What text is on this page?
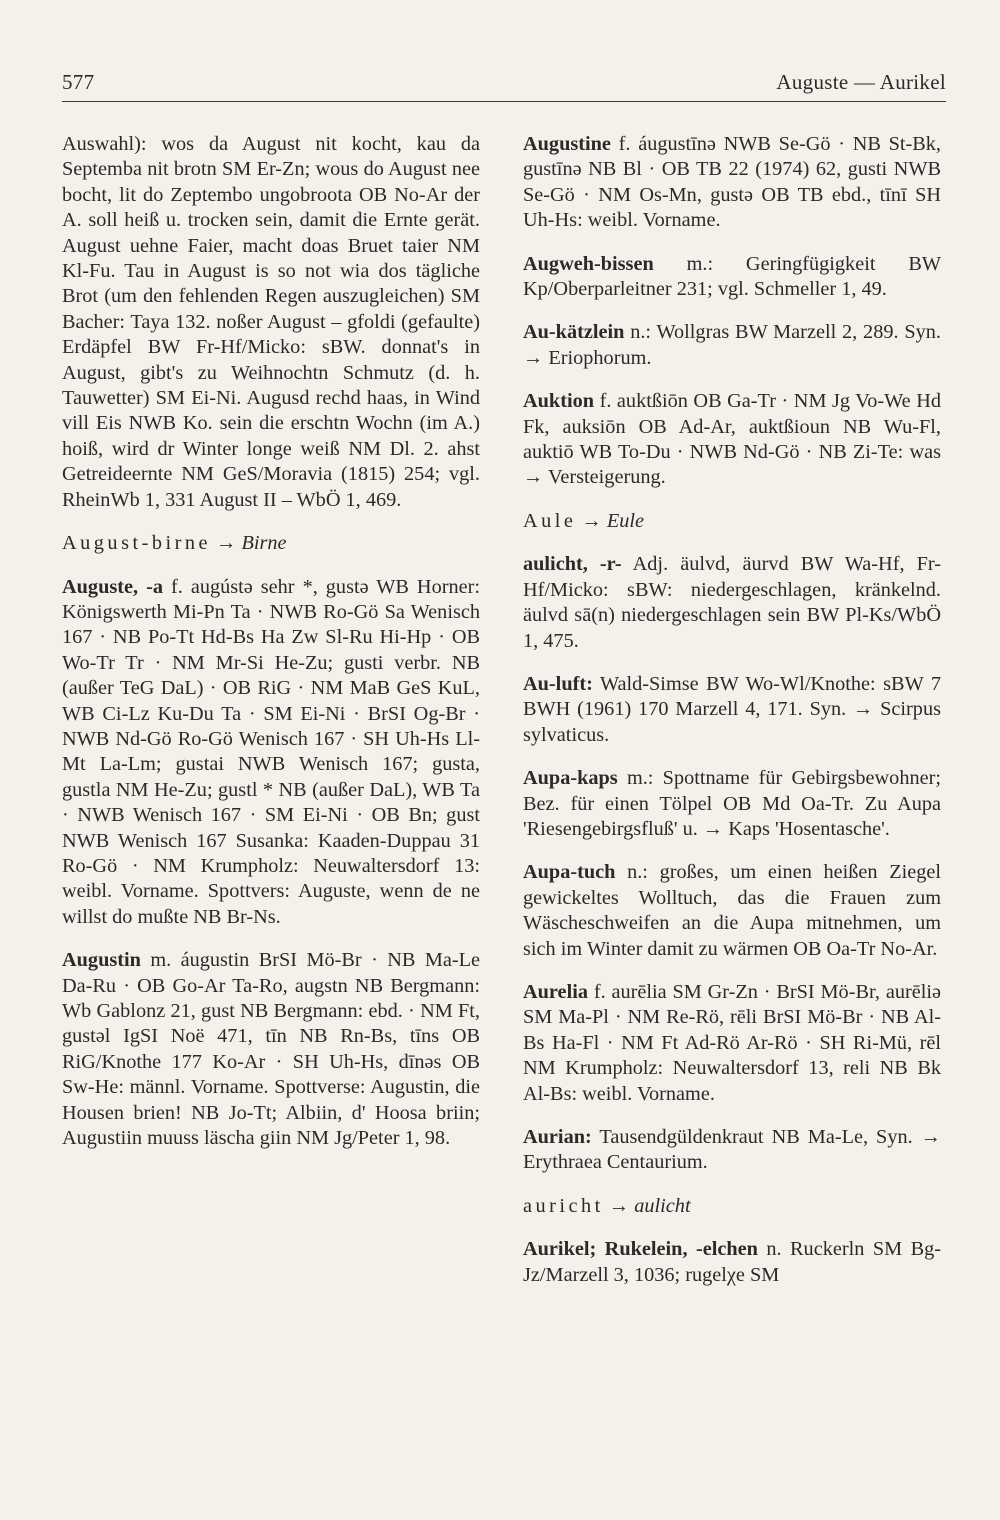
577	Auguste — Aurikel

Auswahl): wos da August nit kocht, kau da Septemba nit brotn SM Er-Zn; wous do August nee bocht, lit do Zeptembo ungobroota OB No-Ar der A. soll heiß u. trocken sein, damit die Ernte gerät. August uehne Faier, macht doas Bruet taier NM Kl-Fu. Tau in August is so not wia dos tägliche Brot (um den fehlenden Regen auszugleichen) SM Bacher: Taya 132. noßer August – gfoldi (gefaulte) Erdäpfel BW Fr-Hf/Micko: sBW. donnat's in August, gibt's zu Weihnochtn Schmutz (d. h. Tauwetter) SM Ei-Ni. Augusd rechd haas, in Wind vill Eis NWB Ko. sein die erschtn Wochn (im A.) hoiß, wird dr Winter longe weiß NM Dl. 2. ahst Getreideernte NM GeS/Moravia (1815) 254; vgl. RheinWb 1, 331 August II – WbÖ 1, 469.

August-birne → Birne

Auguste, -a f. augústə sehr *, gustə WB Horner: Königswerth Mi-Pn Ta · NWB Ro-Gö Sa Wenisch 167 · NB Po-Tt Hd-Bs Ha Zw Sl-Ru Hi-Hp · OB Wo-Tr Tr · NM Mr-Si He-Zu; gusti verbr. NB (außer TeG DaL) · OB RiG · NM MaB GeS KuL, WB Ci-Lz Ku-Du Ta · SM Ei-Ni · BrSI Og-Br · NWB Nd-Gö Ro-Gö Wenisch 167 · SH Uh-Hs Ll-Mt La-Lm; gustai NWB Wenisch 167; gusta, gustla NM He-Zu; gustl * NB (außer DaL), WB Ta · NWB Wenisch 167 · SM Ei-Ni · OB Bn; gust NWB Wenisch 167 Susanka: Kaaden-Duppau 31 Ro-Gö · NM Krumpholz: Neuwaltersdorf 13: weibl. Vorname. Spottvers: Auguste, wenn de ne willst do mußte NB Br-Ns.

Augustin m. áugustin BrSI Mö-Br · NB Ma-Le Da-Ru · OB Go-Ar Ta-Ro, augstn NB Bergmann: Wb Gablonz 21, gust NB Bergmann: ebd. · NM Ft, gustəl IgSI Noë 471, tīn NB Rn-Bs, tīns OB RiG/Knothe 177 Ko-Ar · SH Uh-Hs, dīnəs OB Sw-He: männl. Vorname. Spottverse: Augustin, die Housen brien! NB Jo-Tt; Albiin, d' Hoosa briin; Augustiin muuss läscha giin NM Jg/Peter 1, 98.

Augustine f. áugustīnə NWB Se-Gö · NB St-Bk, gustīnə NB Bl · OB TB 22 (1974) 62, gusti NWB Se-Gö · NM Os-Mn, gustə OB TB ebd., tīnī SH Uh-Hs: weibl. Vorname.

Augweh-bissen m.: Geringfügigkeit BW Kp/Oberparleitner 231; vgl. Schmeller 1, 49.

Au-kätzlein n.: Wollgras BW Marzell 2, 289. Syn. → Eriophorum.

Auktion f. auktßiōn OB Ga-Tr · NM Jg Vo-We Hd Fk, auksiōn OB Ad-Ar, auktßioun NB Wu-Fl, auktiō WB To-Du · NWB Nd-Gö · NB Zi-Te: was → Versteigerung.

Aule → Eule

aulicht, -r- Adj. äulvd, äurvd BW Wa-Hf, Fr-Hf/Micko: sBW: niedergeschlagen, kränkelnd. äulvd sā(n) niedergeschlagen sein BW Pl-Ks/WbÖ 1, 475.

Au-luft: Wald-Simse BW Wo-Wl/Knothe: sBW 7 BWH (1961) 170 Marzell 4, 171. Syn. → Scirpus sylvaticus.

Aupa-kaps m.: Spottname für Gebirgsbewohner; Bez. für einen Tölpel OB Md Oa-Tr. Zu Aupa 'Riesengebirgsfluß' u. → Kaps 'Hosentasche'.

Aupa-tuch n.: großes, um einen heißen Ziegel gewickeltes Wolltuch, das die Frauen zum Wäscheschweifen an die Aupa mitnehmen, um sich im Winter damit zu wärmen OB Oa-Tr No-Ar.

Aurelia f. aurēlia SM Gr-Zn · BrSI Mö-Br, aurēliə SM Ma-Pl · NM Re-Rö, rēli BrSI Mö-Br · NB Al-Bs Ha-Fl · NM Ft Ad-Rö Ar-Rö · SH Ri-Mü, rēl NM Krumpholz: Neuwaltersdorf 13, reli NB Bk Al-Bs: weibl. Vorname.

Aurian: Tausendgüldenkraut NB Ma-Le, Syn. → Erythraea Centaurium.

auricht → aulicht

Aurikel; Rukelein, -elchen n. Ruckerln SM Bg-Jz/Marzell 3, 1036; rugelχe SM
